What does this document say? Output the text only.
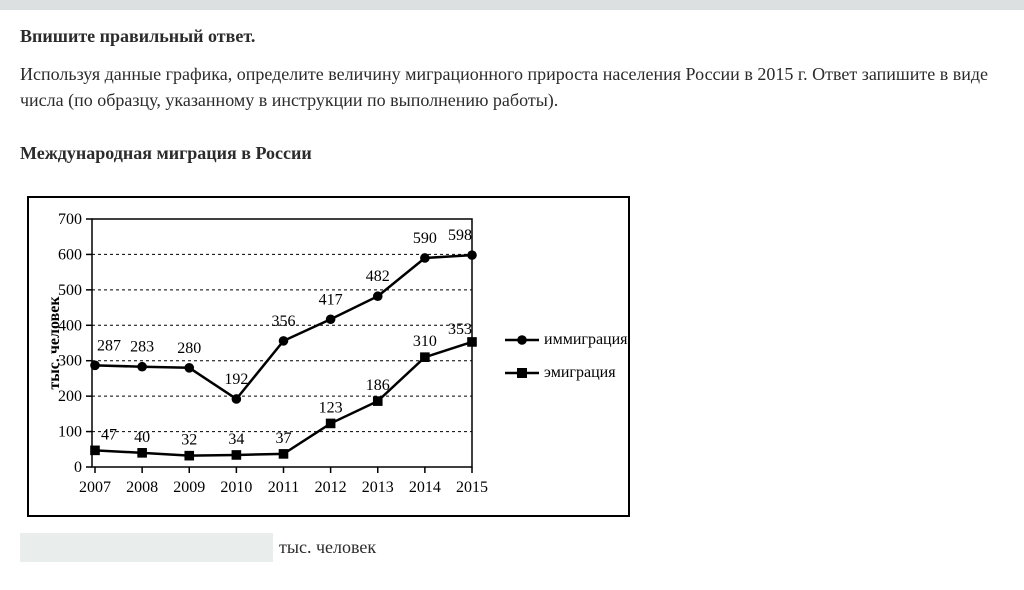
Впишите правильный ответ.
Используя данные графика, определите величину миграционного прироста населения России в 2015 г. Ответ запишите в виде числа (по образцу, указанному в инструкции по выполнению работы).
Международная миграция в России
тыс. человек
0
100
200
300
400
500
600
700
2007 2008 2009 2010 2011 2012 2013 2014 2015
287 283 280
192
356
417
482
590 598
47 40 32 34 37
123
186
310
353
иммиграция
эмиграция
тыс. человек
